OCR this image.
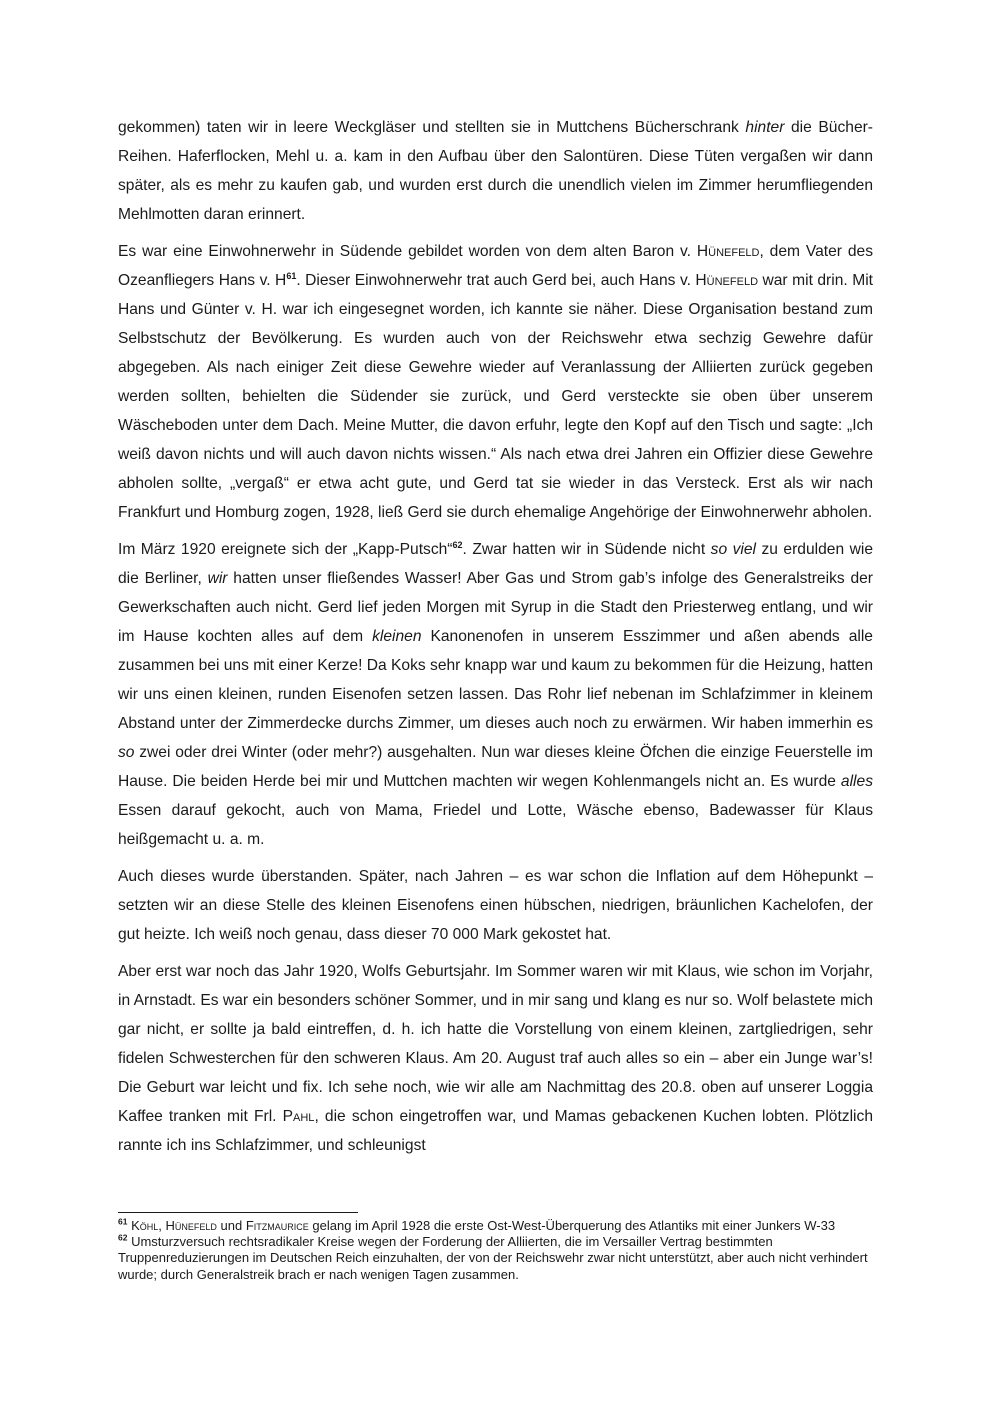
gekommen) taten wir in leere Weckgläser und stellten sie in Muttchens Bücherschrank hinter die Bücher-Reihen. Haferflocken, Mehl u. a. kam in den Aufbau über den Salontüren. Diese Tüten vergaßen wir dann später, als es mehr zu kaufen gab, und wurden erst durch die unendlich vielen im Zimmer herumfliegenden Mehlmotten daran erinnert.

Es war eine Einwohnerwehr in Südende gebildet worden von dem alten Baron v. Hünefeld, dem Vater des Ozeanfliegers Hans v. H$^{61}$. Dieser Einwohnerwehr trat auch Gerd bei, auch Hans v. Hünefeld war mit drin. Mit Hans und Günter v. H. war ich eingesegnet worden, ich kannte sie näher. Diese Organisation bestand zum Selbstschutz der Bevölkerung. Es wurden auch von der Reichswehr etwa sechzig Gewehre dafür abgegeben. Als nach einiger Zeit diese Gewehre wieder auf Veranlassung der Alliierten zurück gegeben werden sollten, behielten die Südender sie zurück, und Gerd versteckte sie oben über unserem Wäscheboden unter dem Dach. Meine Mutter, die davon erfuhr, legte den Kopf auf den Tisch und sagte: „Ich weiß davon nichts und will auch davon nichts wissen.“ Als nach etwa drei Jahren ein Offizier diese Gewehre abholen sollte, „vergaß“ er etwa acht gute, und Gerd tat sie wieder in das Versteck. Erst als wir nach Frankfurt und Homburg zogen, 1928, ließ Gerd sie durch ehemalige Angehörige der Einwohnerwehr abholen.

Im März 1920 ereignete sich der „Kapp-Putsch“$^{62}$. Zwar hatten wir in Südende nicht so viel zu erdulden wie die Berliner, wir hatten unser fließendes Wasser! Aber Gas und Strom gab’s infolge des Generalstreiks der Gewerkschaften auch nicht. Gerd lief jeden Morgen mit Syrup in die Stadt den Priesterweg entlang, und wir im Hause kochten alles auf dem kleinen Kanonenofen in unserem Esszimmer und aßen abends alle zusammen bei uns mit einer Kerze! Da Koks sehr knapp war und kaum zu bekommen für die Heizung, hatten wir uns einen kleinen, runden Eisenofen setzen lassen. Das Rohr lief nebenan im Schlafzimmer in kleinem Abstand unter der Zimmerdecke durchs Zimmer, um dieses auch noch zu erwärmen. Wir haben immerhin es so zwei oder drei Winter (oder mehr?) ausgehalten. Nun war dieses kleine Öfchen die einzige Feuerstelle im Hause. Die beiden Herde bei mir und Muttchen machten wir wegen Kohlenmangels nicht an. Es wurde alles Essen darauf gekocht, auch von Mama, Friedel und Lotte, Wäsche ebenso, Badewasser für Klaus heißgemacht u. a. m.

Auch dieses wurde überstanden. Später, nach Jahren – es war schon die Inflation auf dem Höhepunkt – setzten wir an diese Stelle des kleinen Eisenofens einen hübschen, niedrigen, bräunlichen Kachelofen, der gut heizte. Ich weiß noch genau, dass dieser 70 000 Mark gekostet hat.

Aber erst war noch das Jahr 1920, Wolfs Geburtsjahr. Im Sommer waren wir mit Klaus, wie schon im Vorjahr, in Arnstadt. Es war ein besonders schöner Sommer, und in mir sang und klang es nur so. Wolf belastete mich gar nicht, er sollte ja bald eintreffen, d. h. ich hatte die Vorstellung von einem kleinen, zartgliedrigen, sehr fidelen Schwesterchen für den schweren Klaus. Am 20. August traf auch alles so ein – aber ein Junge war’s! Die Geburt war leicht und fix. Ich sehe noch, wie wir alle am Nachmittag des 20.8. oben auf unserer Loggia Kaffee tranken mit Frl. Pahl, die schon eingetroffen war, und Mamas gebackenen Kuchen lobten. Plötzlich rannte ich ins Schlafzimmer, und schleunigst

$^{61}$ Köhl, Hünefeld und Fitzmaurice gelang im April 1928 die erste Ost-West-Überquerung des Atlantiks mit einer Junkers W-33

$^{62}$ Umsturzversuch rechtsradikaler Kreise wegen der Forderung der Alliierten, die im Versailler Vertrag bestimmten Truppenreduzierungen im Deutschen Reich einzuhalten, der von der Reichswehr zwar nicht unterstützt, aber auch nicht verhindert wurde; durch Generalstreik brach er nach wenigen Tagen zusammen.
